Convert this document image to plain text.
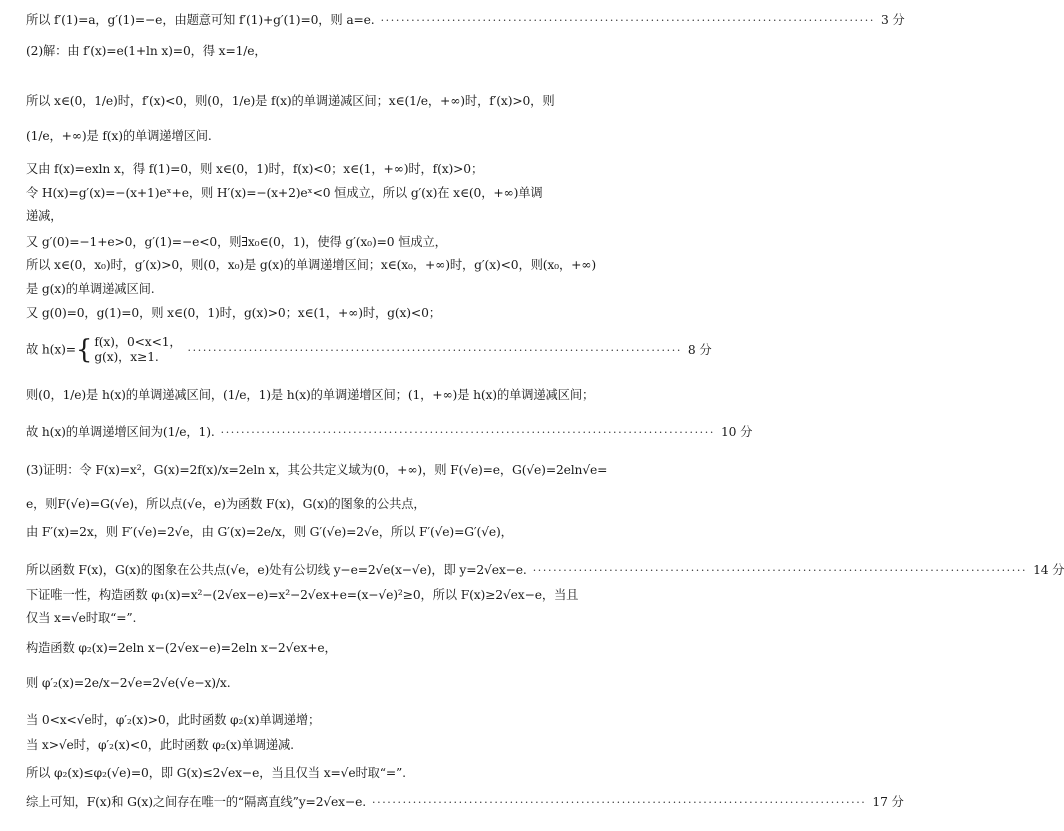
所以 f′(1)=a，g′(1)=−e，由题意可知 f′(1)+g′(1)=0，则 a=e. ································································································· 3 分
(2)解：由 f′(x)=e(1+ln x)=0，得 x=1/e，
所以 x∈(0，1/e)时，f′(x)<0，则(0，1/e)是 f(x)的单调递减区间；x∈(1/e，+∞)时，f′(x)>0，则
(1/e，+∞)是 f(x)的单调递增区间.
又由 f(x)=exln x，得 f(1)=0，则 x∈(0，1)时，f(x)<0；x∈(1，+∞)时，f(x)>0；
令 H(x)=g′(x)=−(x+1)eˣ+e，则 H′(x)=−(x+2)eˣ<0 恒成立，所以 g′(x)在 x∈(0，+∞)单调
递减，
又 g′(0)=−1+e>0，g′(1)=−e<0，则∃x₀∈(0，1)，使得 g′(x₀)=0 恒成立，
所以 x∈(0，x₀)时，g′(x)>0，则(0，x₀)是 g(x)的单调递增区间；x∈(x₀，+∞)时，g′(x)<0，则(x₀，+∞)
是 g(x)的单调递减区间.
又 g(0)=0，g(1)=0，则 x∈(0，1)时，g(x)>0；x∈(1，+∞)时，g(x)<0；
故 h(x)={ f(x)，0<x<1，
g(x)，x≥1.	································································································· 8 分
则(0，1/e)是 h(x)的单调递减区间，(1/e，1)是 h(x)的单调递增区间；(1，+∞)是 h(x)的单调递减区间；
故 h(x)的单调递增区间为(1/e，1). ································································································· 10 分
(3)证明：令 F(x)=x²，G(x)=2f(x)/x=2eln x，其公共定义域为(0，+∞)，则 F(√e)=e，G(√e)=2eln√e=
e，则F(√e)=G(√e)，所以点(√e，e)为函数 F(x)，G(x)的图象的公共点，
由 F′(x)=2x，则 F′(√e)=2√e，由 G′(x)=2e/x，则 G′(√e)=2√e，所以 F′(√e)=G′(√e)，
所以函数 F(x)，G(x)的图象在公共点(√e，e)处有公切线 y−e=2√e(x−√e)，即 y=2√ex−e. ································································································· 14 分
下证唯一性，构造函数 φ₁(x)=x²−(2√ex−e)=x²−2√ex+e=(x−√e)²≥0，所以 F(x)≥2√ex−e，当且
仅当 x=√e时取“=”.
构造函数 φ₂(x)=2eln x−(2√ex−e)=2eln x−2√ex+e，
则 φ′₂(x)=2e/x−2√e=2√e(√e−x)/x.
当 0<x<√e时，φ′₂(x)>0，此时函数 φ₂(x)单调递增；
当 x>√e时，φ′₂(x)<0，此时函数 φ₂(x)单调递减.
所以 φ₂(x)≤φ₂(√e)=0，即 G(x)≤2√ex−e，当且仅当 x=√e时取“=”.
综上可知，F(x)和 G(x)之间存在唯一的“隔离直线”y=2√ex−e. ································································································· 17 分
